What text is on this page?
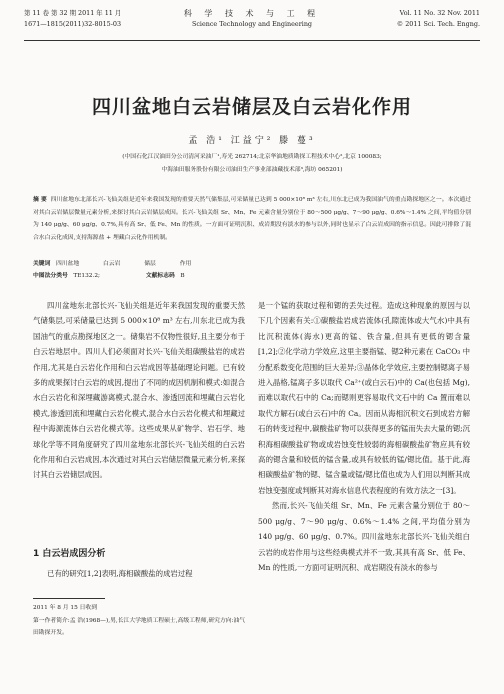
第 11 卷 第 32 期 2011 年 11 月
1671—1815(2011)32-8015-03
科 学 技 术 与 工 程
Science Technology and Engineering
Vol. 11 No. 32 Nov. 2011
© 2011 Sci. Tech. Engng.
四川盆地白云岩储层及白云岩化作用
孟 浩¹ 江益宁² 滕 蔓³
(中国石化江汉油田分公司清河采油厂¹,寿光 262714;北京华油地质勘探工程技术中心²,北京 100083;
中海油田服务股份有限公司油田生产事业部油藏技术部³,海坊 065201)
摘 要 四川盆地东北部长兴-飞仙关组是近年来我国发现的重要天然气储集层,可采储量已达到 5 000×10⁸ m³ 左右,川东北已成为我国油气的重点勘探地区之一。本次通过对其白云岩储层微量元素分析,来探讨其白云岩储层成因。长兴-飞仙关组 Sr、Mn、Fe 元素含量分别位于 80～500 μg/g、7～90 μg/g、0.6%～1.4% 之间,平均值分别为 140 μg/g、60 μg/g、0.7%,具有高 Sr、低 Fe、Mn 的性质。一方面可证明沉积、成岩期没有淡水的参与以外,同时也显示了白云岩成因的指示信息。因此可排除了混合水白云化成因,支持海源盐 + 埋藏白云化作用机制。
关键词 四川盆地	白云岩	储层	作用
中图法分类号 TE132.2;	文献标志码 B

四川盆地东北部长兴-飞仙关组是近年来我国发现的重要天然气储集层,可采储量已达到 5 000×10⁸ m³ 左右,川东北已成为我国油气的重点勘探地区之一。储集岩不仅物性很好,且主要分布于白云岩地层中。四川人们必须面对长兴-飞仙关组碳酸盐岩的成岩作用,尤其是白云岩化作用和白云岩成因等基础理论问题。已有较多的成果探讨白云岩的成因,提出了不同的成因机制和模式:如混合水白云岩化和深埋藏游离模式,混合水、渗透回流和埋藏白云岩化模式,渗透回流和埋藏白云岩化模式,混合水白云岩化模式和埋藏过程中海源流体白云岩化模式等。这些成果从矿物学、岩石学、地球化学等不同角度研究了四川盆地东北部长兴-飞仙关组的白云岩化作用和白云岩成因,本次通过对其白云岩储层微量元素分析,来探讨其白云岩储层成因。

1 白云岩成因分析
已有的研究[1,2]表明,海相碳酸盐的成岩过程
2011 年 8 月 15 日收到
第一作者简介:孟 浩(1968—),男,长江大学地质工程硕士,高级工程师,研究方向:油气田勘探开发。

是一个锰的获取过程和锶的丢失过程。造成这种现象的原因与以下几个因素有关:①碳酸盐岩成岩流体(孔隙流体或大气水)中具有比沉积流体(海水)更高的锰、铁含量,但具有更低的锶含量[1,2];②化学动力学效应,这里主要指锰、锶2种元素在 CaCO₃ 中分配系数变化范围的巨大差异;③晶体化学效应,主要控制锶离子易进入晶格,锰离子多以取代 Ca²⁺(或白云石)中的 Ca(也包括 Mg),而难以取代石中的 Ca;而锶则更容易取代文石中的 Ca 置而难以取代方解石(或白云石)中的 Ca。因而从海相沉积文石到成岩方解石的转变过程中,碳酸盐矿物可以获得更多的锰而失去大量的锶;沉积海相碳酸盐矿物或成岩蚀变性较弱的海相碳酸盐矿物应具有较高的锶含量和较低的锰含量,或具有较低的锰/锶比值。基于此,海相碳酸盐矿物的锶、锰含量或锰/锶比值也成为人们用以判断其成岩蚀变强度或判断其对海水信息代表程度的有效方法之一[3]。

然而,长兴-飞仙关组 Sr、Mn、Fe 元素含量分别位于 80～500 μg/g、7～90 μg/g、0.6%～1.4% 之间,平均值分别为 140 μg/g、60 μg/g、0.7%。四川盆地东北部长兴-飞仙关组白云岩的成岩作用与这些经典模式并不一致,其具有高 Sr、低 Fe、Mn 的性质,一方面可证明沉积、成岩期没有淡水的参与
